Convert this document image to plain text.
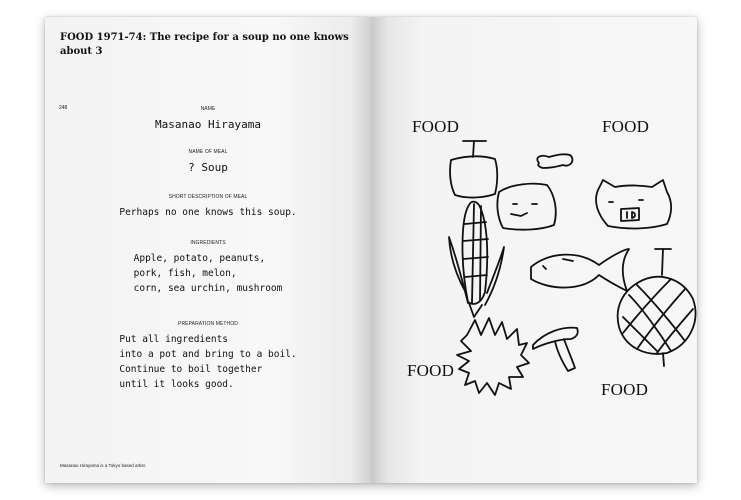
FOOD 1971-74: The recipe for a soup no one knows about 3
248	NAME
Masanao Hirayama
NAME OF MEAL
? Soup
SHORT DESCRIPTION OF MEAL
Perhaps no one knows this soup.
INGREDIENTS
Apple, potato, peanuts,
pork, fish, melon,
corn, sea urchin, mushroom
PREPARATION METHOD
Put all ingredients
into a pot and bring to a boil.
Continue to boil together
until it looks good.
Masanao Hirayama is a Tokyo based artist.
FOOD	FOOD
FOOD
FOOD
